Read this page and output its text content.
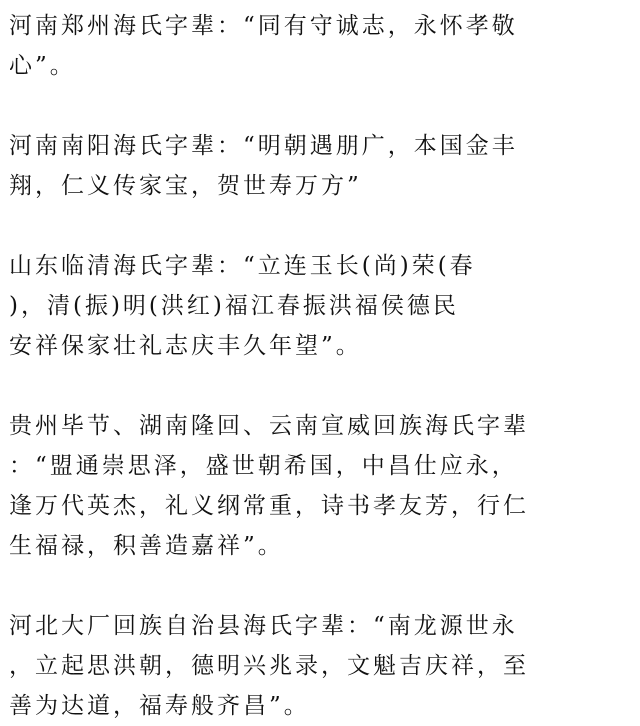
河南郑州海氏字辈：“同有守诚志，永怀孝敬
心”。

河南南阳海氏字辈：“明朝遇朋广，本国金丰
翔，仁义传家宝，贺世寿万方”

山东临清海氏字辈：“立连玉长(尚)荣(春
)，清(振)明(洪红)福江春振洪福侯德民
安祥保家壮礼志庆丰久年望”。

贵州毕节、湖南隆回、云南宣威回族海氏字辈
：“盟通崇思泽，盛世朝希国，中昌仕应永，
逢万代英杰，礼义纲常重，诗书孝友芳，行仁
生福禄，积善造嘉祥”。

河北大厂回族自治县海氏字辈：“南龙源世永
，立起思洪朝，德明兴兆录，文魁吉庆祥，至
善为达道，福寿般齐昌”。
